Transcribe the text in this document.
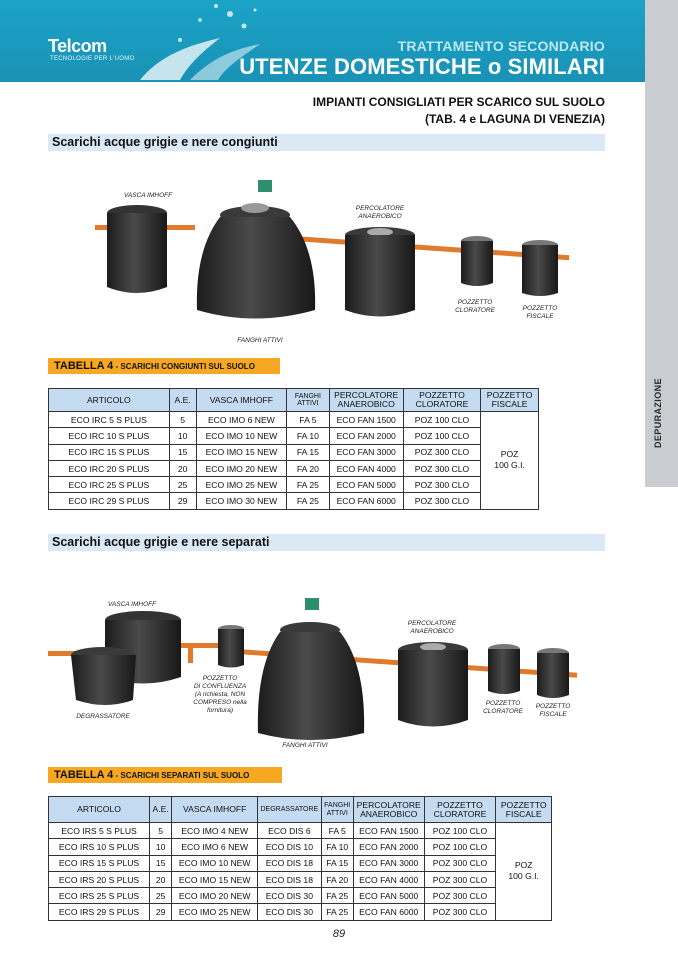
Telcom
TECNOLOGIE PER L'UOMO
TRATTAMENTO SECONDARIO
UTENZE DOMESTICHE o SIMILARI
DEPURAZIONE
IMPIANTI CONSIGLIATI PER SCARICO SUL SUOLO
(TAB. 4 e LAGUNA DI VENEZIA)
Scarichi acque grigie e nere congiunti
VASCA IMHOFF
PERCOLATORE ANAEROBICO
POZZETTO CLORATORE	POZZETTO FISCALE
FANGHI ATTIVI
TABELLA 4 - SCARICHI CONGIUNTI SUL SUOLO
ARTICOLO	A.E.	VASCA IMHOFF	FANGHI ATTIVI	PERCOLATORE ANAEROBICO	POZZETTO CLORATORE	POZZETTO FISCALE
ECO IRC 5 S PLUS	5	ECO IMO 6 NEW	FA 5	ECO FAN 1500	POZ 100 CLO	POZ
100 G.I.

ECO IRC 10 S PLUS	10	ECO IMO 10 NEW	FA 10	ECO FAN 2000	POZ 100 CLO	
ECO IRC 15 S PLUS	15	ECO IMO 15 NEW	FA 15	ECO FAN 3000	POZ 300 CLO	
ECO IRC 20 S PLUS	20	ECO IMO 20 NEW	FA 20	ECO FAN 4000	POZ 300 CLO	
ECO IRC 25 S PLUS	25	ECO IMO 25 NEW	FA 25	ECO FAN 5000	POZ 300 CLO	
ECO IRC 29 S PLUS	29	ECO IMO 30 NEW	FA 25	ECO FAN 6000	POZ 300 CLO	
Scarichi acque grigie e nere separati
VASCA IMHOFF
PERCOLATORE ANAEROBICO
POZZETTO
DI CONFLUENZA
(A richiesta, NON
COMPRESO nella
fornitura)
DEGRASSATORE
POZZETTO CLORATORE
POZZETTO FISCALE
FANGHI ATTIVI
TABELLA 4 - SCARICHI SEPARATI SUL SUOLO
ARTICOLO	A.E.	VASCA IMHOFF	DEGRASSATORE	FANGHI ATTIVI	PERCOLATORE ANAEROBICO	POZZETTO CLORATORE	POZZETTO FISCALE
ECO IRS 5 S PLUS	5	ECO IMO 4 NEW	ECO DIS 6	FA 5	ECO FAN 1500	POZ 100 CLO	POZ
100 G.I.

ECO IRS 10 S PLUS	10	ECO IMO 6 NEW	ECO DIS 10	FA 10	ECO FAN 2000	POZ 100 CLO	
ECO IRS 15 S PLUS	15	ECO IMO 10 NEW	ECO DIS 18	FA 15	ECO FAN 3000	POZ 300 CLO	
ECO IRS 20 S PLUS	20	ECO IMO 15 NEW	ECO DIS 18	FA 20	ECO FAN 4000	POZ 300 CLO	
ECO IRS 25 S PLUS	25	ECO IMO 20 NEW	ECO DIS 30	FA 25	ECO FAN 5000	POZ 300 CLO	
ECO IRS 29 S PLUS	29	ECO IMO 25 NEW	ECO DIS 30	FA 25	ECO FAN 6000	POZ 300 CLO	
89
